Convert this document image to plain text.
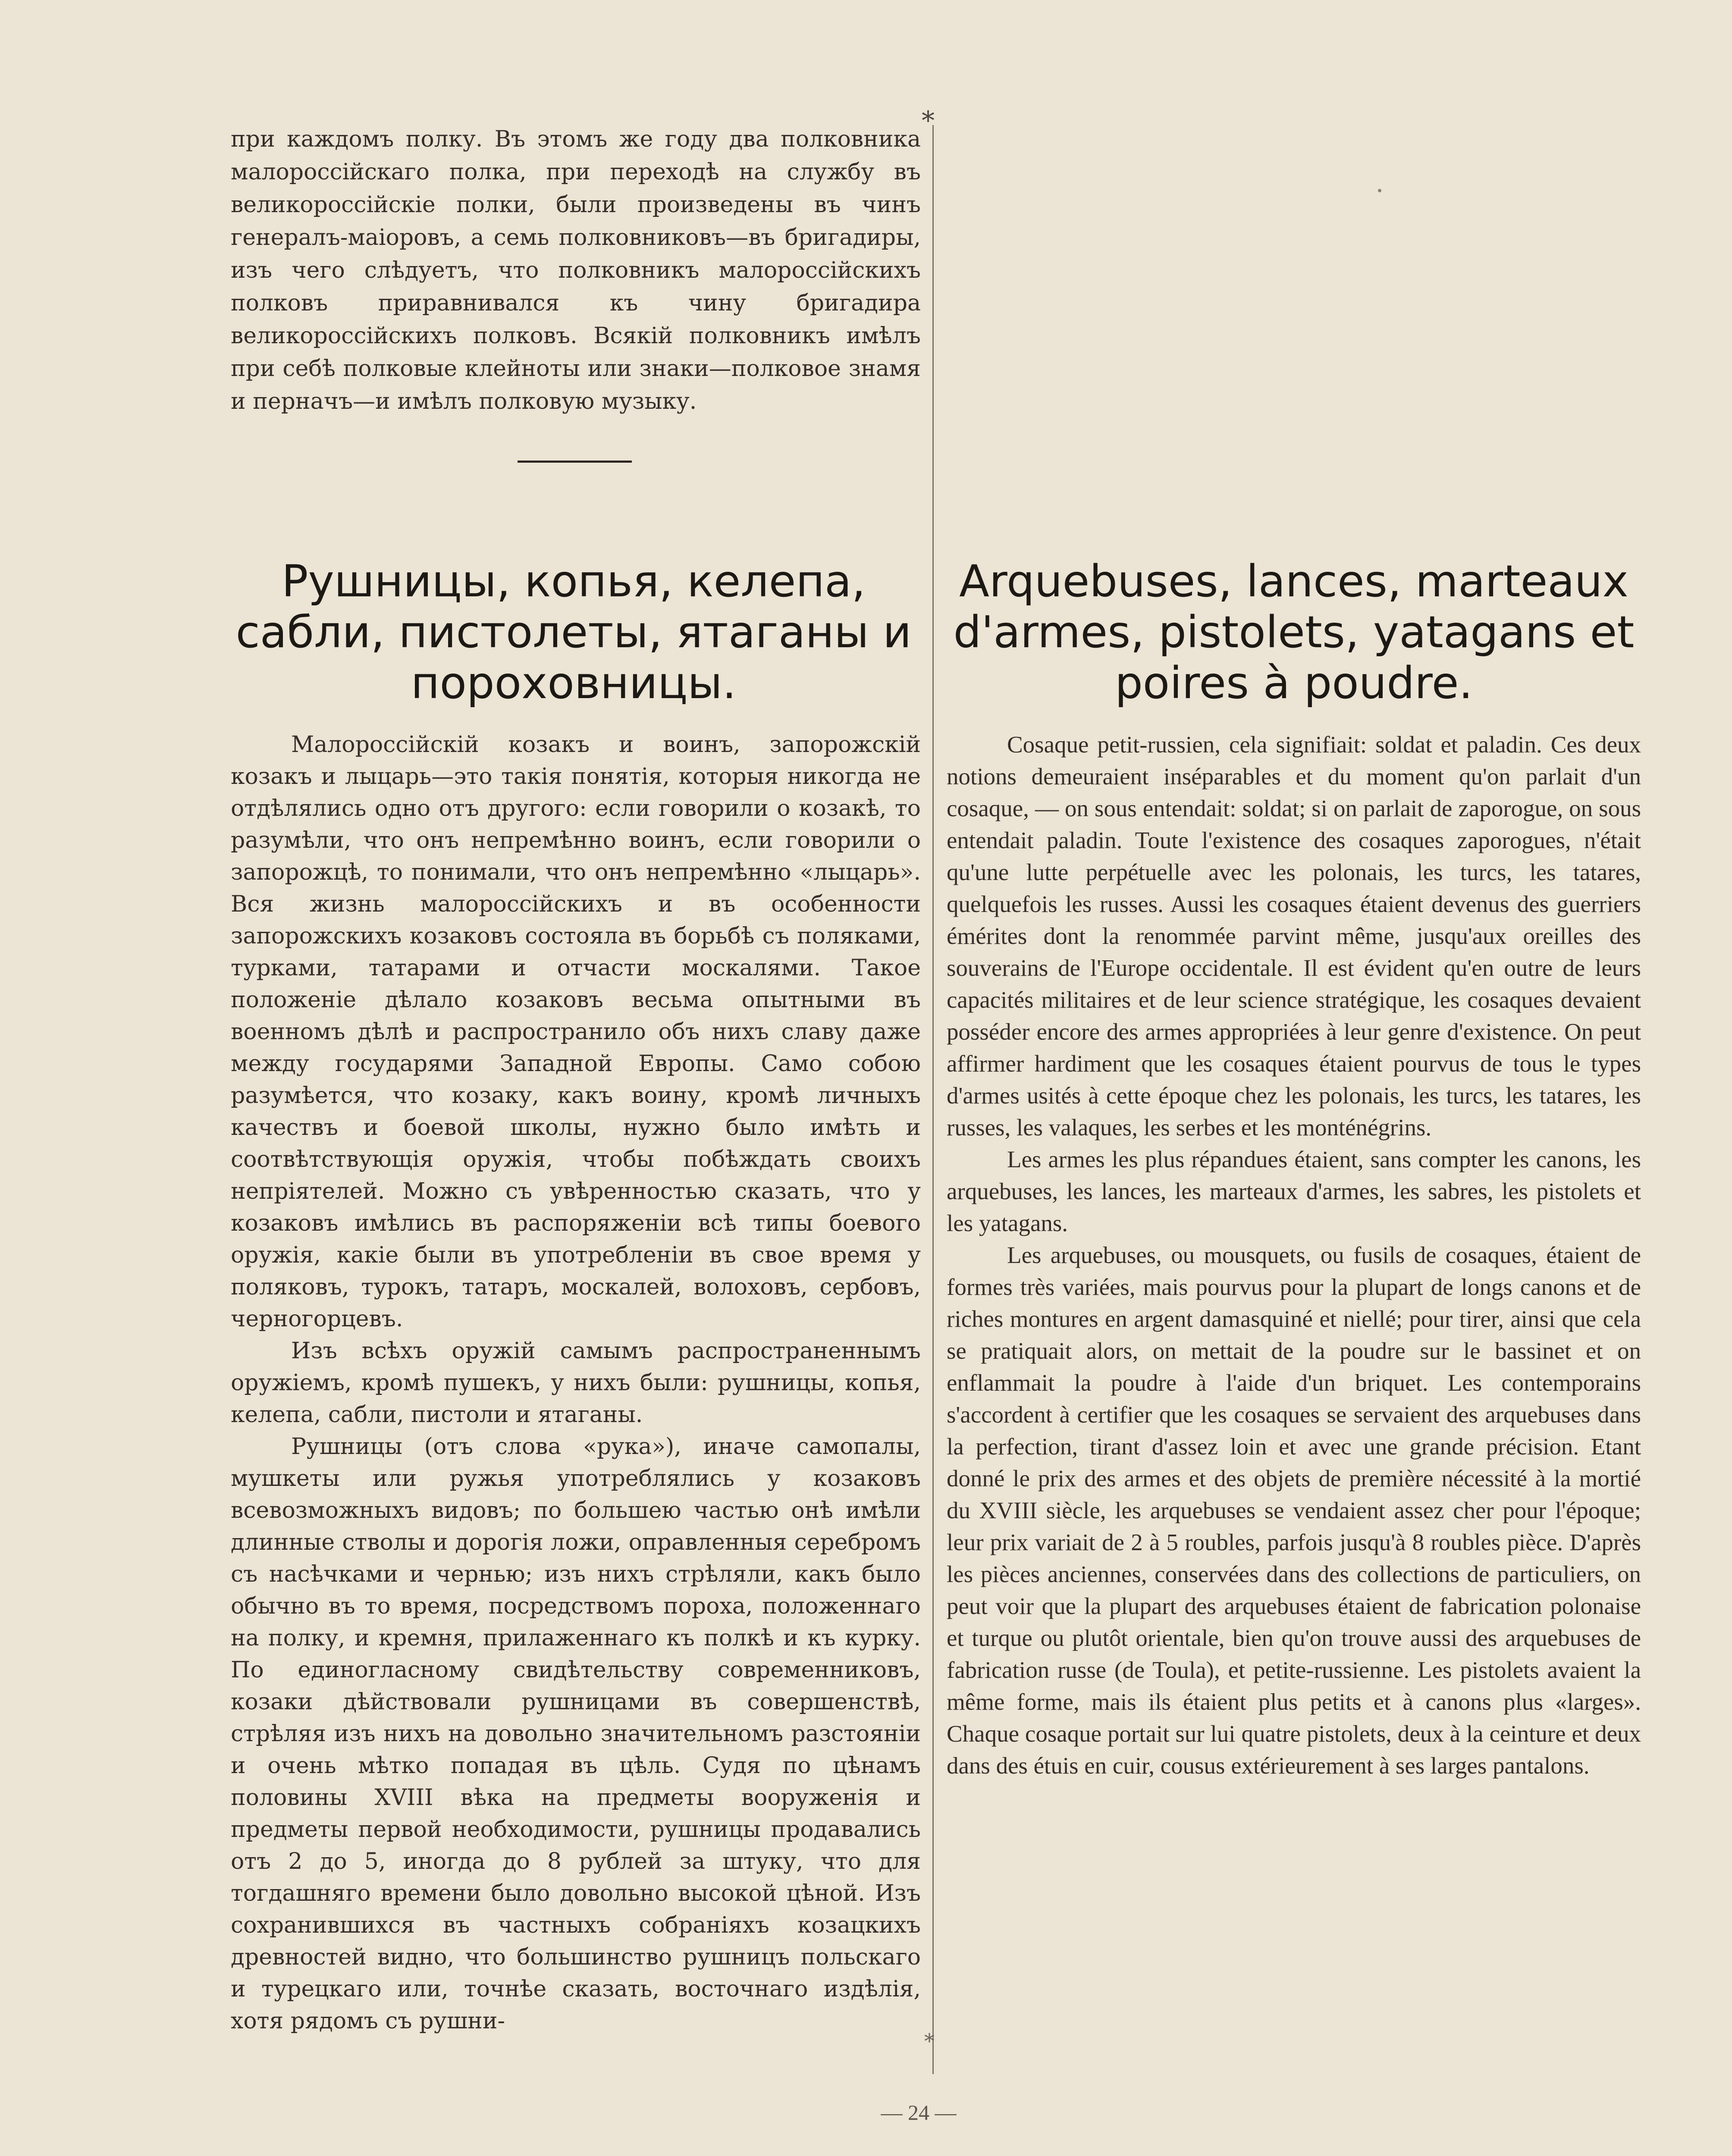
*
*

при каждомъ полку. Въ этомъ же году два полковника малороссійскаго полка, при переходѣ на службу въ великороссійскіе полки, были произведены въ чинъ генералъ-маіоровъ, а семь полковниковъ—въ бригадиры, изъ чего слѣдуетъ, что полковникъ малороссійскихъ полковъ приравнивался къ чину бригадира великороссійскихъ полковъ. Всякій полковникъ имѣлъ при себѣ полковые клейноты или знаки—полковое знамя и перначъ—и имѣлъ полковую музыку.

Рушницы, копья, келепа, сабли, пистолеты, ятаганы и пороховницы.
Arquebuses, lances, marteaux d'armes, pistolets, yatagans et poires à poudre.

Малороссійскій козакъ и воинъ, запорожскій козакъ и лыцарь—это такія понятія, которыя никогда не отдѣлялись одно отъ другого: если говорили о козакѣ, то разумѣли, что онъ непремѣнно воинъ, если говорили о запорожцѣ, то понимали, что онъ непремѣнно «лыцарь». Вся жизнь малороссійскихъ и въ особенности запорожскихъ козаковъ состояла въ борьбѣ съ поляками, турками, татарами и отчасти москалями. Такое положеніе дѣлало козаковъ весьма опытными въ военномъ дѣлѣ и распространило объ нихъ славу даже между государями Западной Европы. Само собою разумѣется, что козаку, какъ воину, кромѣ личныхъ качествъ и боевой школы, нужно было имѣть и соотвѣтствующія оружія, чтобы побѣждать своихъ непріятелей. Можно съ увѣренностью сказать, что у козаковъ имѣлись въ распоряженіи всѣ типы боевого оружія, какіе были въ употребленіи въ свое время у поляковъ, турокъ, татаръ, москалей, волоховъ, сербовъ, черногорцевъ.

Изъ всѣхъ оружій самымъ распространеннымъ оружіемъ, кромѣ пушекъ, у нихъ были: рушницы, копья, келепа, сабли, пистоли и ятаганы.

Рушницы (отъ слова «рука»), иначе самопалы, мушкеты или ружья употреблялись у козаковъ всевозможныхъ видовъ; по большею частью онѣ имѣли длинные стволы и дорогія ложи, оправленныя серебромъ съ насѣчками и чернью; изъ нихъ стрѣляли, какъ было обычно въ то время, посредствомъ пороха, положеннаго на полку, и кремня, прилаженнаго къ полкѣ и къ курку. По единогласному свидѣтельству современниковъ, козаки дѣйствовали рушницами въ совершенствѣ, стрѣляя изъ нихъ на довольно значительномъ разстояніи и очень мѣтко попадая въ цѣль. Судя по цѣнамъ половины XVIII вѣка на предметы вооруженія и предметы первой необходимости, рушницы продавались отъ 2 до 5, иногда до 8 рублей за штуку, что для тогдашняго времени было довольно высокой цѣной. Изъ сохранившихся въ частныхъ собраніяхъ козацкихъ древностей видно, что большинство рушницъ польскаго и турецкаго или, точнѣе сказать, восточнаго издѣлія, хотя рядомъ съ рушни-

Cosaque petit-russien, cela signifiait: soldat et paladin. Ces deux notions demeuraient inséparables et du moment qu'on parlait d'un cosaque, — on sous entendait: soldat; si on parlait de zaporogue, on sous entendait paladin. Toute l'existence des cosaques zaporogues, n'était qu'une lutte perpétuelle avec les polonais, les turcs, les tatares, quelquefois les russes. Aussi les cosaques étaient devenus des guerriers émérites dont la renommée parvint même, jusqu'aux oreilles des souverains de l'Europe occidentale. Il est évident qu'en outre de leurs capacités militaires et de leur science stratégique, les cosaques devaient posséder encore des armes appropriées à leur genre d'existence. On peut affirmer hardiment que les cosaques étaient pourvus de tous le types d'armes usités à cette époque chez les polonais, les turcs, les tatares, les russes, les valaques, les serbes et les monténégrins.

Les armes les plus répandues étaient, sans compter les canons, les arquebuses, les lances, les marteaux d'armes, les sabres, les pistolets et les yatagans.

Les arquebuses, ou mousquets, ou fusils de cosaques, étaient de formes très variées, mais pourvus pour la plupart de longs canons et de riches montures en argent damasquiné et niellé; pour tirer, ainsi que cela se pratiquait alors, on mettait de la poudre sur le bassinet et on enflammait la poudre à l'aide d'un briquet. Les contemporains s'accordent à certifier que les cosaques se servaient des arquebuses dans la perfection, tirant d'assez loin et avec une grande précision. Etant donné le prix des armes et des objets de première nécessité à la mortié du XVIII siècle, les arquebuses se vendaient assez cher pour l'époque; leur prix variait de 2 à 5 roubles, parfois jusqu'à 8 roubles pièce. D'après les pièces anciennes, conservées dans des collections de particuliers, on peut voir que la plupart des arquebuses étaient de fabrication polonaise et turque ou plutôt orientale, bien qu'on trouve aussi des arquebuses de fabrication russe (de Toula), et petite-russienne. Les pistolets avaient la même forme, mais ils étaient plus petits et à canons plus «larges». Chaque cosaque portait sur lui quatre pistolets, deux à la ceinture et deux dans des étuis en cuir, cousus extérieurement à ses larges pantalons.

— 24 —
